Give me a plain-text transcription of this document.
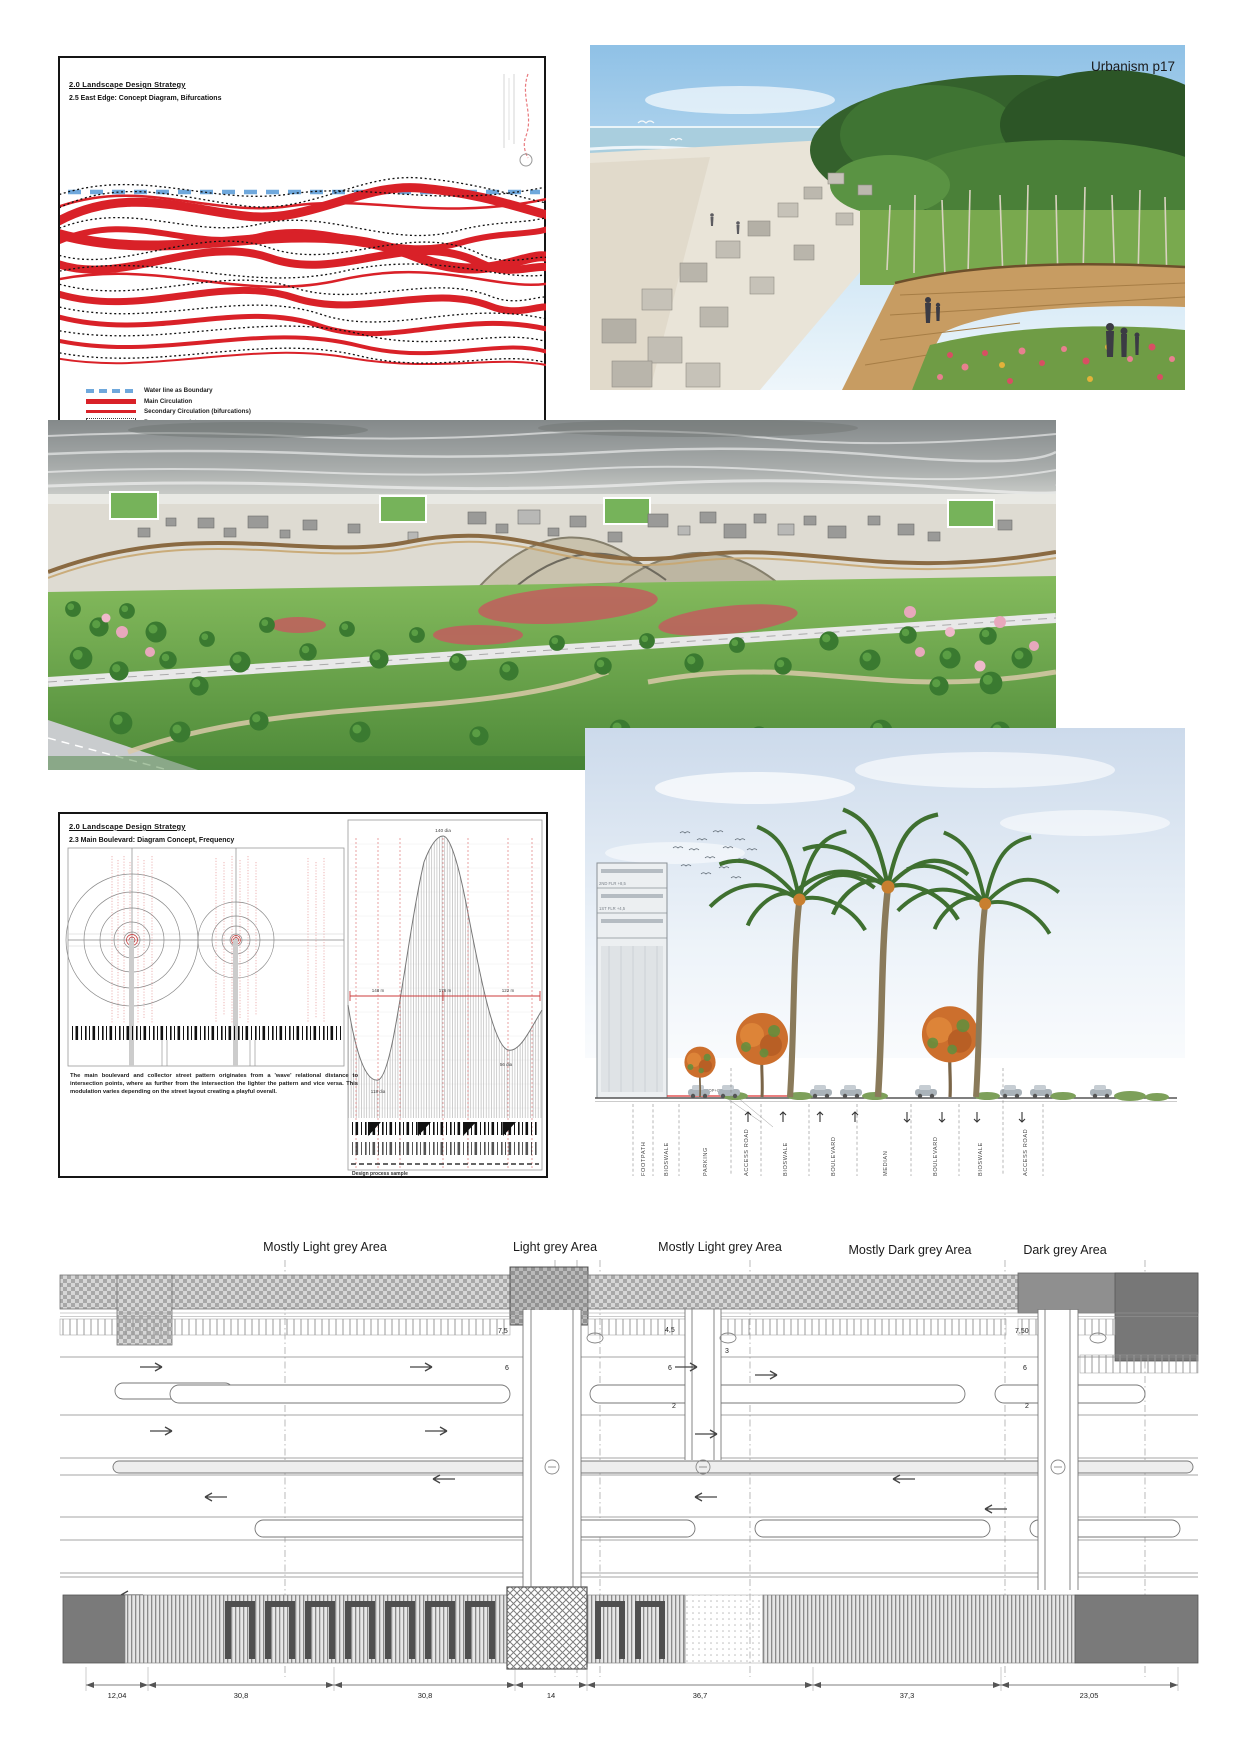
2.0 Landscape Design Strategy
2.5 East Edge: Concept Diagram, Bifurcations
Water line as Boundary
Main Circulation
Secondary Circulation (bifurcations)
Urbanism p17
2.0 Landscape Design Strategy
2.3 Main Boulevard: Diagram Concept, Frequency
140 dia
148 m	176 m	122 m
118 dia
56 dia
Design process sample
The main boulevard and collector street pattern originates from a 'wave' relational distance to intersection points, where as further from the intersection the lighter the pattern and vice versa. This modulation varies depending on the street layout creating a playful overall.
2ND FLR +8,5
1ST FLR +4,5
SHOP+OFC
FOOTPATH	BIOSWALE	PARKING	ACCESS ROAD	BIOSWALE	BOULEVARD	MEDIAN	BOULEVARD	BIOSWALE	ACCESS ROAD
Mostly Light grey Area	Light grey Area	Mostly Light grey Area	Mostly Dark grey Area	Dark grey Area
7,5
6
4,5
3
6
2
7,50
6
2
12,04	30,8	30,8	14	36,7	37,3	23,05
